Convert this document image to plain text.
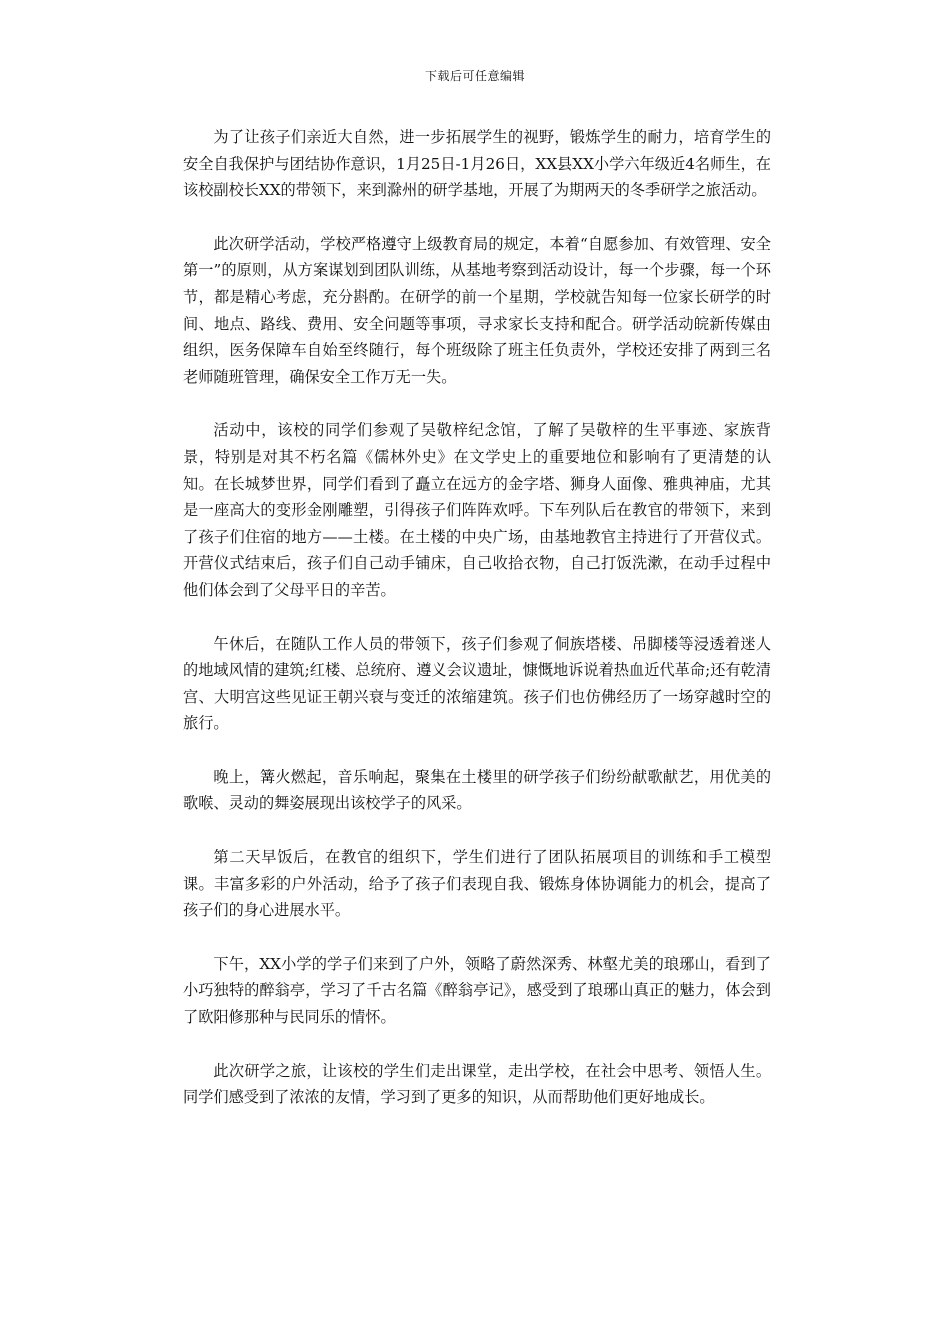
下载后可任意编辑

为了让孩子们亲近大自然，进一步拓展学生的视野，锻炼学生的耐力，培育学生的安全自我保护与团结协作意识，1月25日-1月26日，XX县XX小学六年级近4名师生，在该校副校长XX的带领下，来到滁州的研学基地，开展了为期两天的冬季研学之旅活动。

此次研学活动，学校严格遵守上级教育局的规定，本着“自愿参加、有效管理、安全第一”的原则，从方案谋划到团队训练，从基地考察到活动设计，每一个步骤，每一个环节，都是精心考虑，充分斟酌。在研学的前一个星期，学校就告知每一位家长研学的时间、地点、路线、费用、安全问题等事项，寻求家长支持和配合。研学活动皖新传媒由组织，医务保障车自始至终随行，每个班级除了班主任负责外，学校还安排了两到三名老师随班管理，确保安全工作万无一失。

活动中，该校的同学们参观了吴敬梓纪念馆，了解了吴敬梓的生平事迹、家族背景，特别是对其不朽名篇《儒林外史》在文学史上的重要地位和影响有了更清楚的认知。在长城梦世界，同学们看到了矗立在远方的金字塔、狮身人面像、雅典神庙，尤其是一座高大的变形金刚雕塑，引得孩子们阵阵欢呼。下车列队后在教官的带领下，来到了孩子们住宿的地方——土楼。在土楼的中央广场，由基地教官主持进行了开营仪式。开营仪式结束后，孩子们自己动手铺床，自己收拾衣物，自己打饭洗漱，在动手过程中他们体会到了父母平日的辛苦。

午休后，在随队工作人员的带领下，孩子们参观了侗族塔楼、吊脚楼等浸透着迷人的地域风情的建筑;红楼、总统府、遵义会议遗址，慷慨地诉说着热血近代革命;还有乾清宫、大明宫这些见证王朝兴衰与变迁的浓缩建筑。孩子们也仿佛经历了一场穿越时空的旅行。

晚上，篝火燃起，音乐响起，聚集在土楼里的研学孩子们纷纷献歌献艺，用优美的歌喉、灵动的舞姿展现出该校学子的风采。

第二天早饭后，在教官的组织下，学生们进行了团队拓展项目的训练和手工模型课。丰富多彩的户外活动，给予了孩子们表现自我、锻炼身体协调能力的机会，提高了孩子们的身心进展水平。

下午，XX小学的学子们来到了户外，领略了蔚然深秀、林壑尤美的琅琊山，看到了小巧独特的醉翁亭，学习了千古名篇《醉翁亭记》，感受到了琅琊山真正的魅力，体会到了欧阳修那种与民同乐的情怀。

此次研学之旅，让该校的学生们走出课堂，走出学校，在社会中思考、领悟人生。同学们感受到了浓浓的友情，学习到了更多的知识，从而帮助他们更好地成长。
